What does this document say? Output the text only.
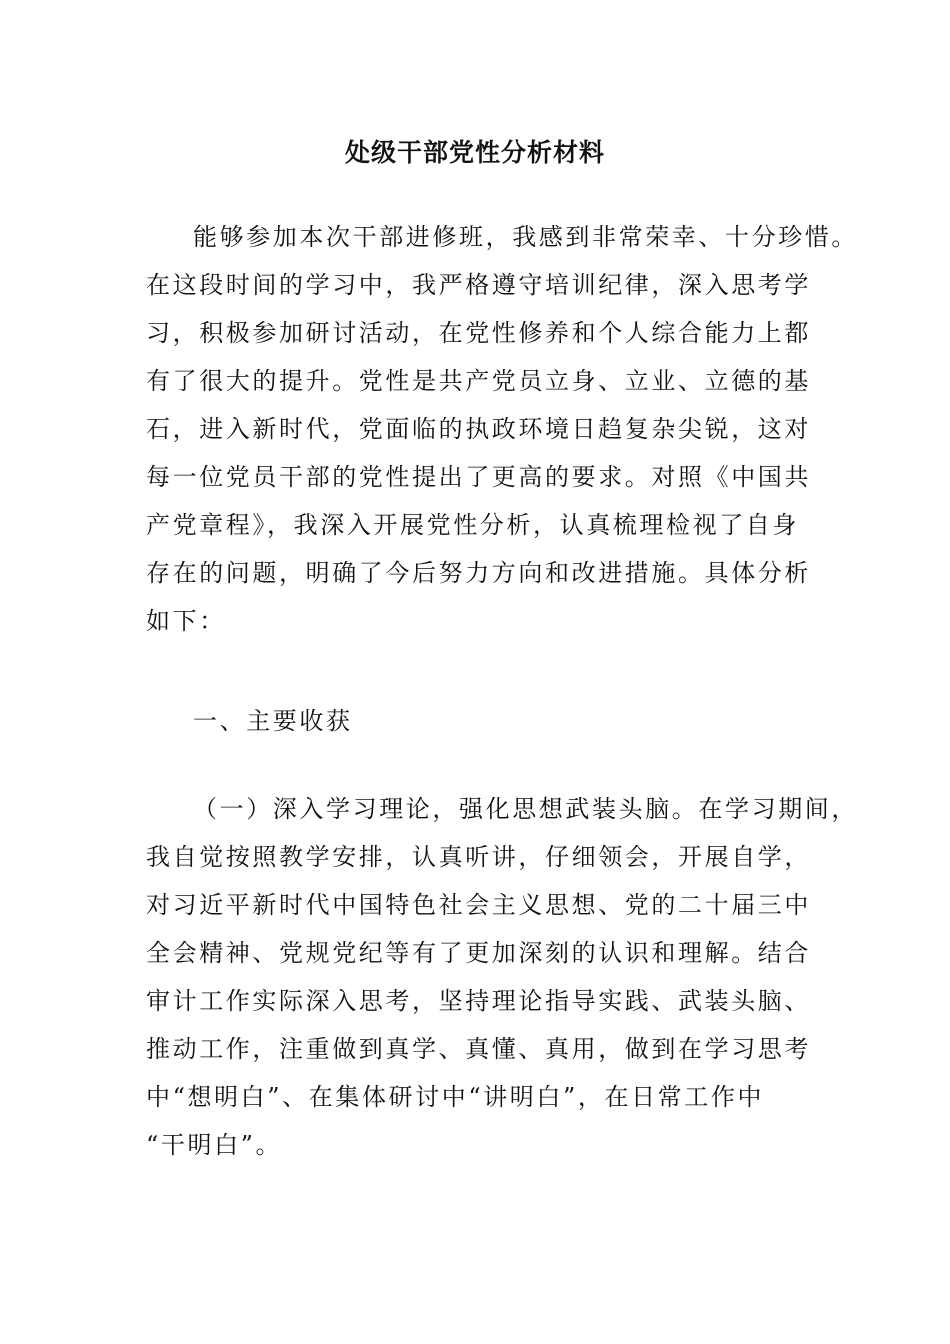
处级干部党性分析材料
能够参加本次干部进修班，我感到非常荣幸、十分珍惜。
在这段时间的学习中，我严格遵守培训纪律，深入思考学
习，积极参加研讨活动，在党性修养和个人综合能力上都
有了很大的提升。党性是共产党员立身、立业、立德的基
石，进入新时代，党面临的执政环境日趋复杂尖锐，这对
每一位党员干部的党性提出了更高的要求。对照《中国共
产党章程》，我深入开展党性分析，认真梳理检视了自身
存在的问题，明确了今后努力方向和改进措施。具体分析
如下：
一、主要收获
（一）深入学习理论，强化思想武装头脑。在学习期间，
我自觉按照教学安排，认真听讲，仔细领会，开展自学，
对习近平新时代中国特色社会主义思想、党的二十届三中
全会精神、党规党纪等有了更加深刻的认识和理解。结合
审计工作实际深入思考，坚持理论指导实践、武装头脑、
推动工作，注重做到真学、真懂、真用，做到在学习思考
中“想明白”、在集体研讨中“讲明白”，在日常工作中
“干明白”。
